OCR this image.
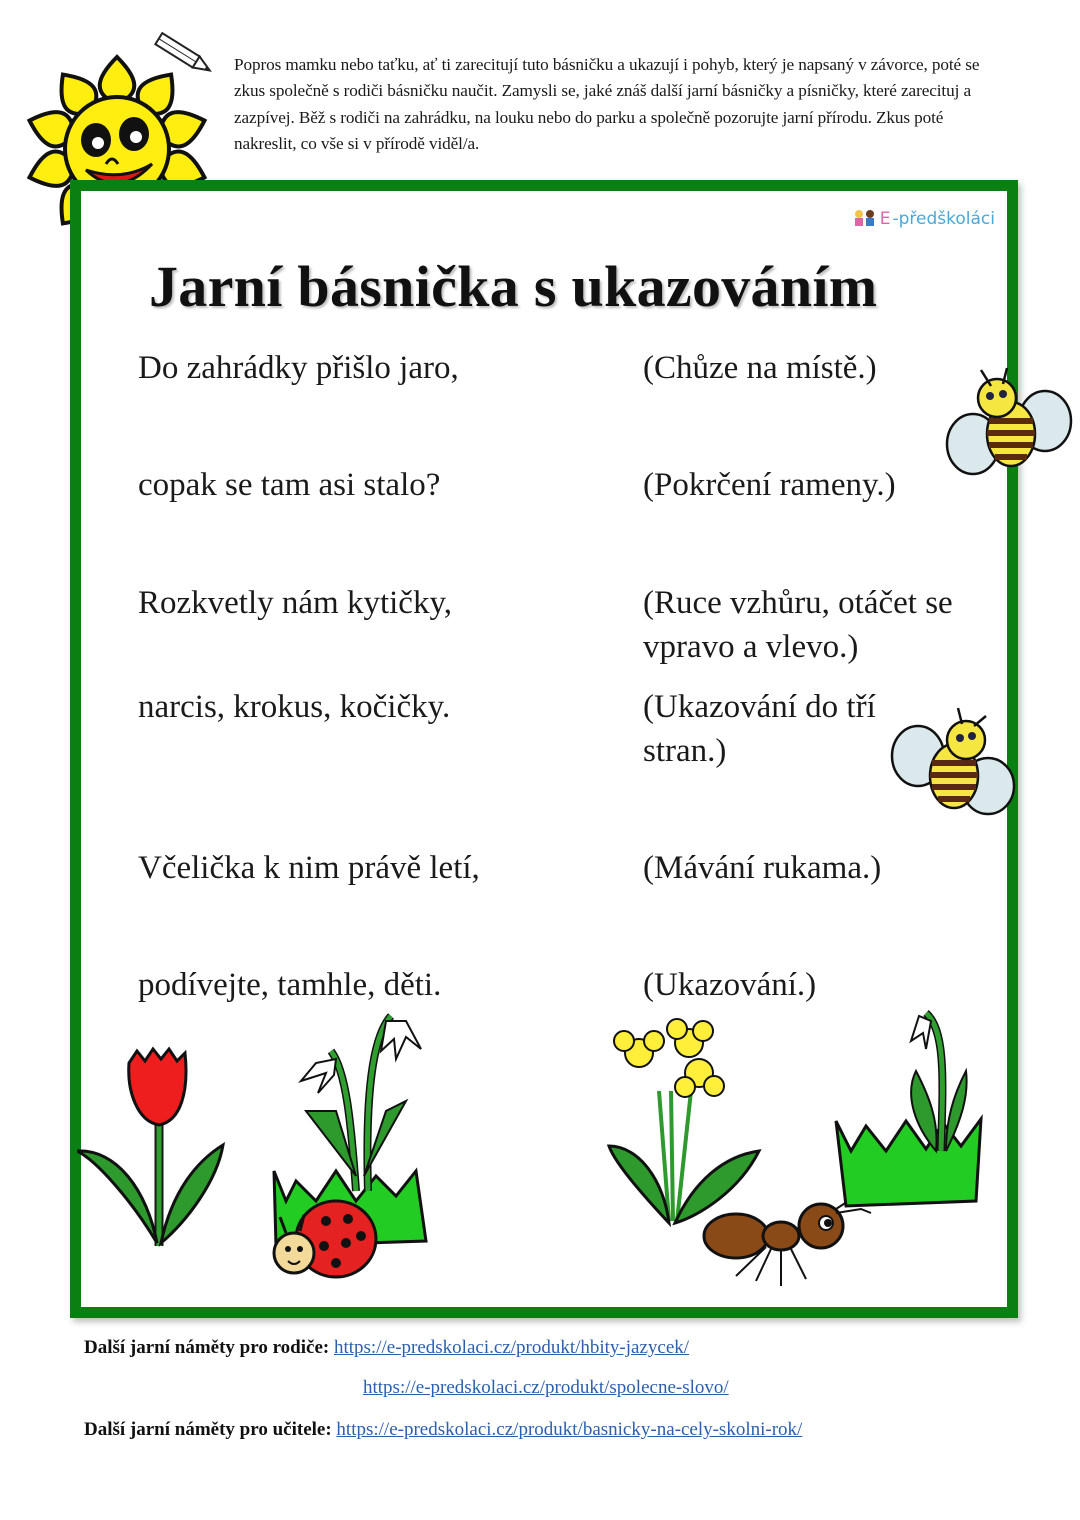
Popros mamku nebo taťku, ať ti zarecitují tuto básničku a ukazují i pohyb, který je napsaný v závorce, poté se zkus společně s rodiči básničku naučit. Zamysli se, jaké znáš další jarní básničky a písničky, které zarecituj a zazpívej. Běž s rodiči na zahrádku, na louku nebo do parku a společně pozorujte jarní přírodu. Zkus poté nakreslit, co vše si v přírodě viděl/a.
E -předškoláci
Jarní básnička s ukazováním
Do zahrádky přišlo jaro,	(Chůze na místě.)
copak se tam asi stalo?	(Pokrčení rameny.)
Rozkvetly nám kytičky,	(Ruce vzhůru, otáčet se vpravo a vlevo.)
narcis, krokus, kočičky.	(Ukazování do tří stran.)
Včelička k nim právě letí,	(Mávání rukama.)
podívejte, tamhle, děti.	(Ukazování.)
Další jarní náměty pro rodiče: https://e-predskolaci.cz/produkt/hbity-jazycek/
https://e-predskolaci.cz/produkt/spolecne-slovo/
Další jarní náměty pro učitele: https://e-predskolaci.cz/produkt/basnicky-na-cely-skolni-rok/
